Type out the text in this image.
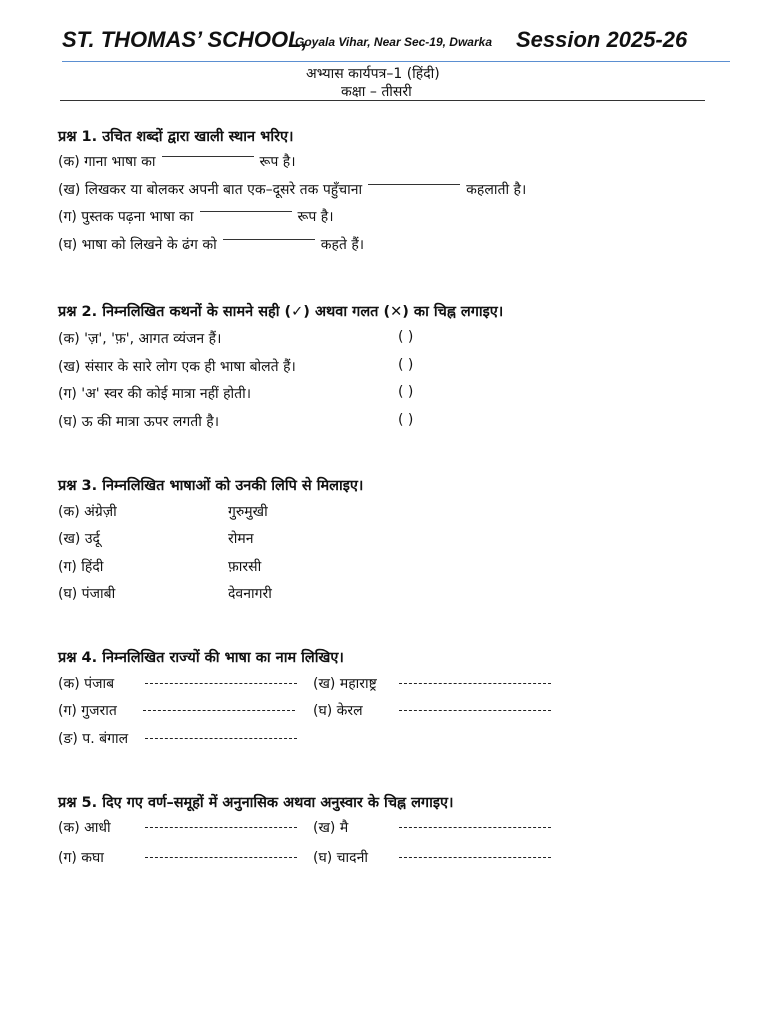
ST. THOMAS’ SCHOOL,
Goyala Vihar, Near Sec-19, Dwarka Session 2025-26
अभ्यास कार्यपत्र–1 (हिंदी)
कक्षा – तीसरी
प्रश्न 1. उचित शब्दों द्वारा खाली स्थान भरिए।
(क) गाना भाषा का	रूप है।
(ख) लिखकर या बोलकर अपनी बात एक–दूसरे तक पहुँचाना	कहलाती है।
(ग) पुस्तक पढ़ना भाषा का	रूप है।
(घ) भाषा को लिखने के ढंग को	कहते हैं।
प्रश्न 2. निम्नलिखित कथनों के सामने सही (✓) अथवा गलत (✕) का चिह्न लगाइए।
(क) 'ज़', 'फ़', आगत व्यंजन हैं।	( )
(ख) संसार के सारे लोग एक ही भाषा बोलते हैं।	( )
(ग) 'अ' स्वर की कोई मात्रा नहीं होती।	( )
(घ) ऊ की मात्रा ऊपर लगती है।	( )
प्रश्न 3. निम्नलिखित भाषाओं को उनकी लिपि से मिलाइए।
(क) अंग्रेज़ी	गुरुमुखी
(ख) उर्दू	रोमन
(ग) हिंदी	फ़ारसी
(घ) पंजाबी	देवनागरी
प्रश्न 4. निम्नलिखित राज्यों की भाषा का नाम लिखिए।
(क) पंजाब	(ख) महाराष्ट्र
(ग) गुजरात	(घ) केरल
(ङ) प. बंगाल
प्रश्न 5. दिए गए वर्ण–समूहों में अनुनासिक अथवा अनुस्वार के चिह्न लगाइए।
(क) आधी	(ख) मै
(ग) कघा	(घ) चादनी
